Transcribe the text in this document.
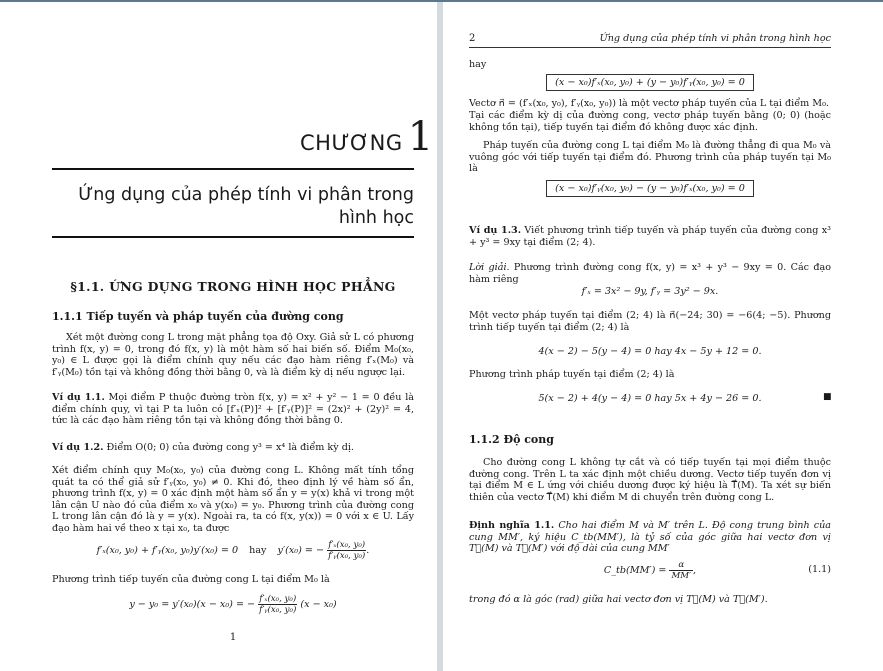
CHƯƠNG 1
Ứng dụng của phép tính vi phân trong
hình học
§1.1. ỨNG DỤNG TRONG HÌNH HỌC PHẲNG
1.1.1 Tiếp tuyến và pháp tuyến của đường cong
Xét một đường cong L trong mặt phẳng tọa độ Oxy. Giả sử L có phương trình f(x, y) = 0, trong đó f(x, y) là một hàm số hai biến số. Điểm M₀(x₀, y₀) ∈ L được gọi là điểm chính quy nếu các đạo hàm riêng f′ₓ(M₀) và f′ᵧ(M₀) tồn tại và không đồng thời bằng 0, và là điểm kỳ dị nếu ngược lại.
Ví dụ 1.1. Mọi điểm P thuộc đường tròn f(x, y) = x² + y² − 1 = 0 đều là điểm chính quy, vì tại P ta luôn có [f′ₓ(P)]² + [f′ᵧ(P)]² = (2x)² + (2y)² = 4, tức là các đạo hàm riêng tồn tại và không đồng thời bằng 0.
Ví dụ 1.2. Điểm O(0; 0) của đường cong y³ = x⁴ là điểm kỳ dị.
Xét điểm chính quy M₀(x₀, y₀) của đường cong L. Không mất tính tổng quát ta có thể giả sử f′ᵧ(x₀, y₀) ≠ 0. Khi đó, theo định lý về hàm số ẩn, phương trình f(x, y) = 0 xác định một hàm số ẩn y = y(x) khả vi trong một lân cận U nào đó của điểm x₀ và y(x₀) = y₀. Phương trình của đường cong L trong lân cận đó là y = y(x). Ngoài ra, ta có f(x, y(x)) = 0 với x ∈ U. Lấy đạo hàm hai về theo x tại x₀, ta được
f′ₓ(x₀, y₀) + f′ᵧ(x₀, y₀)y′(x₀) = 0 hay y′(x₀) = − $\frac{\text{f′ₓ(x₀, y₀)}}{\text{f′ᵧ(x₀, y₀)}}$ .
Phương trình tiếp tuyến của đường cong L tại điểm M₀ là
y − y₀ = y′(x₀)(x − x₀) = − $\frac{\text{f′ₓ(x₀, y₀)}}{\text{f′ᵧ(x₀, y₀)}} (x - x_0)$
1
2	Ứng dụng của phép tính vi phân trong hình học
hay
(x − x₀)f′ₓ(x₀, y₀) + (y − y₀)f′ᵧ(x₀, y₀) = 0
Vectơ n⃗ = (f′ₓ(x₀, y₀), f′ᵧ(x₀, y₀)) là một vectơ pháp tuyến của L tại điểm M₀.
Tại các điểm kỳ dị của đường cong, vectơ pháp tuyến bằng (0; 0) (hoặc không tồn tại), tiếp tuyến tại điểm đó không được xác định.
Pháp tuyến của đường cong L tại điểm M₀ là đường thẳng đi qua M₀ và vuông góc với tiếp tuyến tại điểm đó. Phương trình của pháp tuyến tại M₀ là
(x − x₀)f′ᵧ(x₀, y₀) − (y − y₀)f′ₓ(x₀, y₀) = 0
Ví dụ 1.3. Viết phương trình tiếp tuyến và pháp tuyến của đường cong x³ + y³ = 9xy tại điểm (2; 4).
Lời giải. Phương trình đường cong f(x, y) = x³ + y³ − 9xy = 0. Các đạo hàm riêng
f′ₓ = 3x² − 9y, f′ᵧ = 3y² − 9x.
Một vectơ pháp tuyến tại điểm (2; 4) là n⃗(−24; 30) = −6(4; −5). Phương trình tiếp tuyến tại điểm (2; 4) là
4(x − 2) − 5(y − 4) = 0 hay 4x − 5y + 12 = 0.
Phương trình pháp tuyến tại điểm (2; 4) là
5(x − 2) + 4(y − 4) = 0 hay 5x + 4y − 26 = 0.	■
1.1.2 Độ cong
Cho đường cong L không tự cắt và có tiếp tuyến tại mọi điểm thuộc đường cong. Trên L ta xác định một chiều dương. Vectơ tiếp tuyến đơn vị tại điểm M ∈ L ứng với chiều dương được ký hiệu là T⃗(M). Ta xét sự biến thiên của vectơ T⃗(M) khi điểm M di chuyển trên đường cong L.
Định nghĩa 1.1. Cho hai điểm M và M′ trên L. Độ cong trung bình của cung MM′, ký hiệu C_tb(MM′), là tỷ số của góc giữa hai vectơ đơn vị T⃗(M) và T⃗(M′) với độ dài của cung MM′
C_tb(MM′) = $\frac{\alpha}{MM'}$ ,	(1.1)
trong đó α là góc (rad) giữa hai vectơ đơn vị T⃗(M) và T⃗(M′).
